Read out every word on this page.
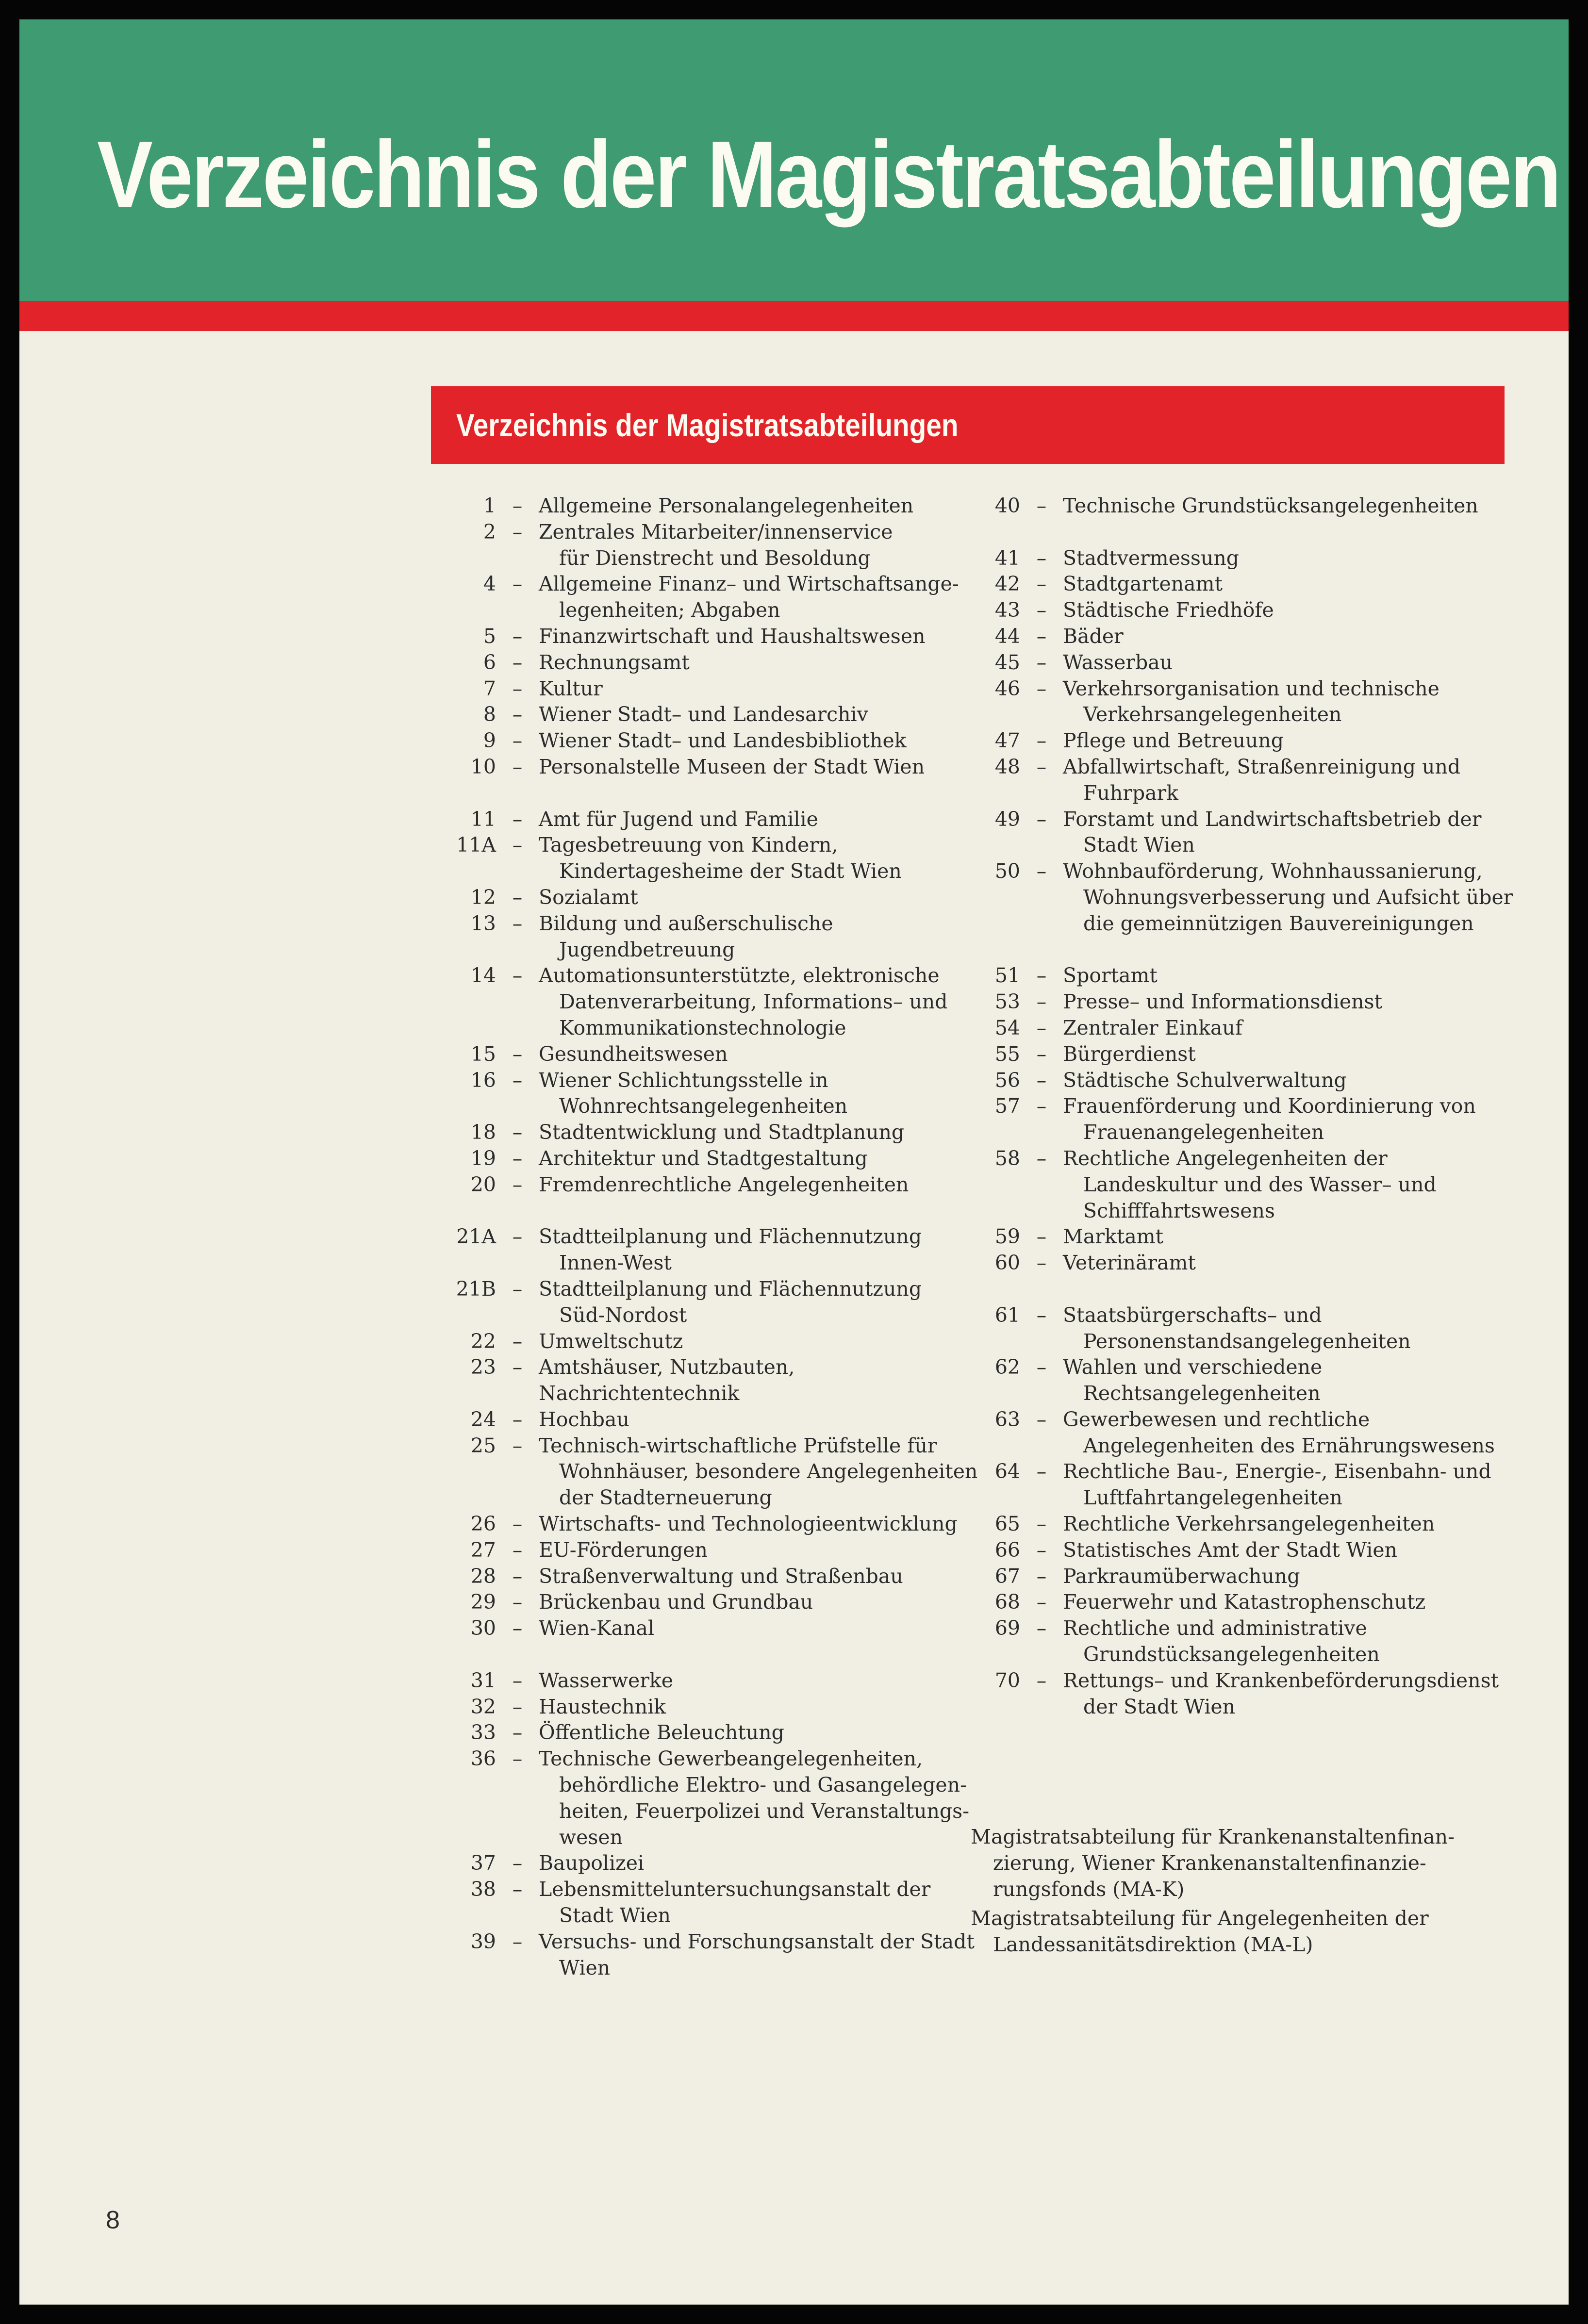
Verzeichnis der Magistratsabteilungen
Verzeichnis der Magistratsabteilungen
1 – Allgemeine Personalangelegenheiten
2 – Zentrales Mitarbeiter/innenservice
für Dienstrecht und Besoldung
4 – Allgemeine Finanz– und Wirtschaftsange-
legenheiten; Abgaben
5 – Finanzwirtschaft und Haushaltswesen
6 – Rechnungsamt
7 – Kultur
8 – Wiener Stadt– und Landesarchiv
9 – Wiener Stadt– und Landesbibliothek
10 – Personalstelle Museen der Stadt Wien
11 – Amt für Jugend und Familie
11A – Tagesbetreuung von Kindern,
Kindertagesheime der Stadt Wien
12 – Sozialamt
13 – Bildung und außerschulische
Jugendbetreuung
14 – Automationsunterstützte, elektronische
Datenverarbeitung, Informations– und
Kommunikationstechnologie
15 – Gesundheitswesen
16 – Wiener Schlichtungsstelle in
Wohnrechtsangelegenheiten
18 – Stadtentwicklung und Stadtplanung
19 – Architektur und Stadtgestaltung
20 – Fremdenrechtliche Angelegenheiten
21A – Stadtteilplanung und Flächennutzung
Innen-West
21B – Stadtteilplanung und Flächennutzung
Süd-Nordost
22 – Umweltschutz
23 – Amtshäuser, Nutzbauten, Nachrichtentechnik
24 – Hochbau
25 – Technisch-wirtschaftliche Prüfstelle für
Wohnhäuser, besondere Angelegenheiten
der Stadterneuerung
26 – Wirtschafts- und Technologieentwicklung
27 – EU-Förderungen
28 – Straßenverwaltung und Straßenbau
29 – Brückenbau und Grundbau
30 – Wien-Kanal
31 – Wasserwerke
32 – Haustechnik
33 – Öffentliche Beleuchtung
36 – Technische Gewerbeangelegenheiten,
behördliche Elektro- und Gasangelegen-
heiten, Feuerpolizei und Veranstaltungs-
wesen
37 – Baupolizei
38 – Lebensmitteluntersuchungsanstalt der
Stadt Wien
39 – Versuchs- und Forschungsanstalt der Stadt
Wien
40 – Technische Grundstücksangelegenheiten
41 – Stadtvermessung
42 – Stadtgartenamt
43 – Städtische Friedhöfe
44 – Bäder
45 – Wasserbau
46 – Verkehrsorganisation und technische
Verkehrsangelegenheiten
47 – Pflege und Betreuung
48 – Abfallwirtschaft, Straßenreinigung und
Fuhrpark
49 – Forstamt und Landwirtschaftsbetrieb der
Stadt Wien
50 – Wohnbauförderung, Wohnhaussanierung,
Wohnungsverbesserung und Aufsicht über
die gemeinnützigen Bauvereinigungen
51 – Sportamt
53 – Presse– und Informationsdienst
54 – Zentraler Einkauf
55 – Bürgerdienst
56 – Städtische Schulverwaltung
57 – Frauenförderung und Koordinierung von
Frauenangelegenheiten
58 – Rechtliche Angelegenheiten der
Landeskultur und des Wasser– und
Schifffahrtswesens
59 – Marktamt
60 – Veterinäramt
61 – Staatsbürgerschafts– und
Personenstandsangelegenheiten
62 – Wahlen und verschiedene
Rechtsangelegenheiten
63 – Gewerbewesen und rechtliche
Angelegenheiten des Ernährungswesens
64 – Rechtliche Bau-, Energie-, Eisenbahn- und
Luftfahrtangelegenheiten
65 – Rechtliche Verkehrsangelegenheiten
66 – Statistisches Amt der Stadt Wien
67 – Parkraumüberwachung
68 – Feuerwehr und Katastrophenschutz
69 – Rechtliche und administrative
Grundstücksangelegenheiten
70 – Rettungs– und Krankenbeförderungsdienst
der Stadt Wien
Magistratsabteilung für Krankenanstaltenfinan-
zierung, Wiener Krankenanstaltenfinanzie-
rungsfonds (MA-K)
Magistratsabteilung für Angelegenheiten der
Landessanitätsdirektion (MA-L)
8
